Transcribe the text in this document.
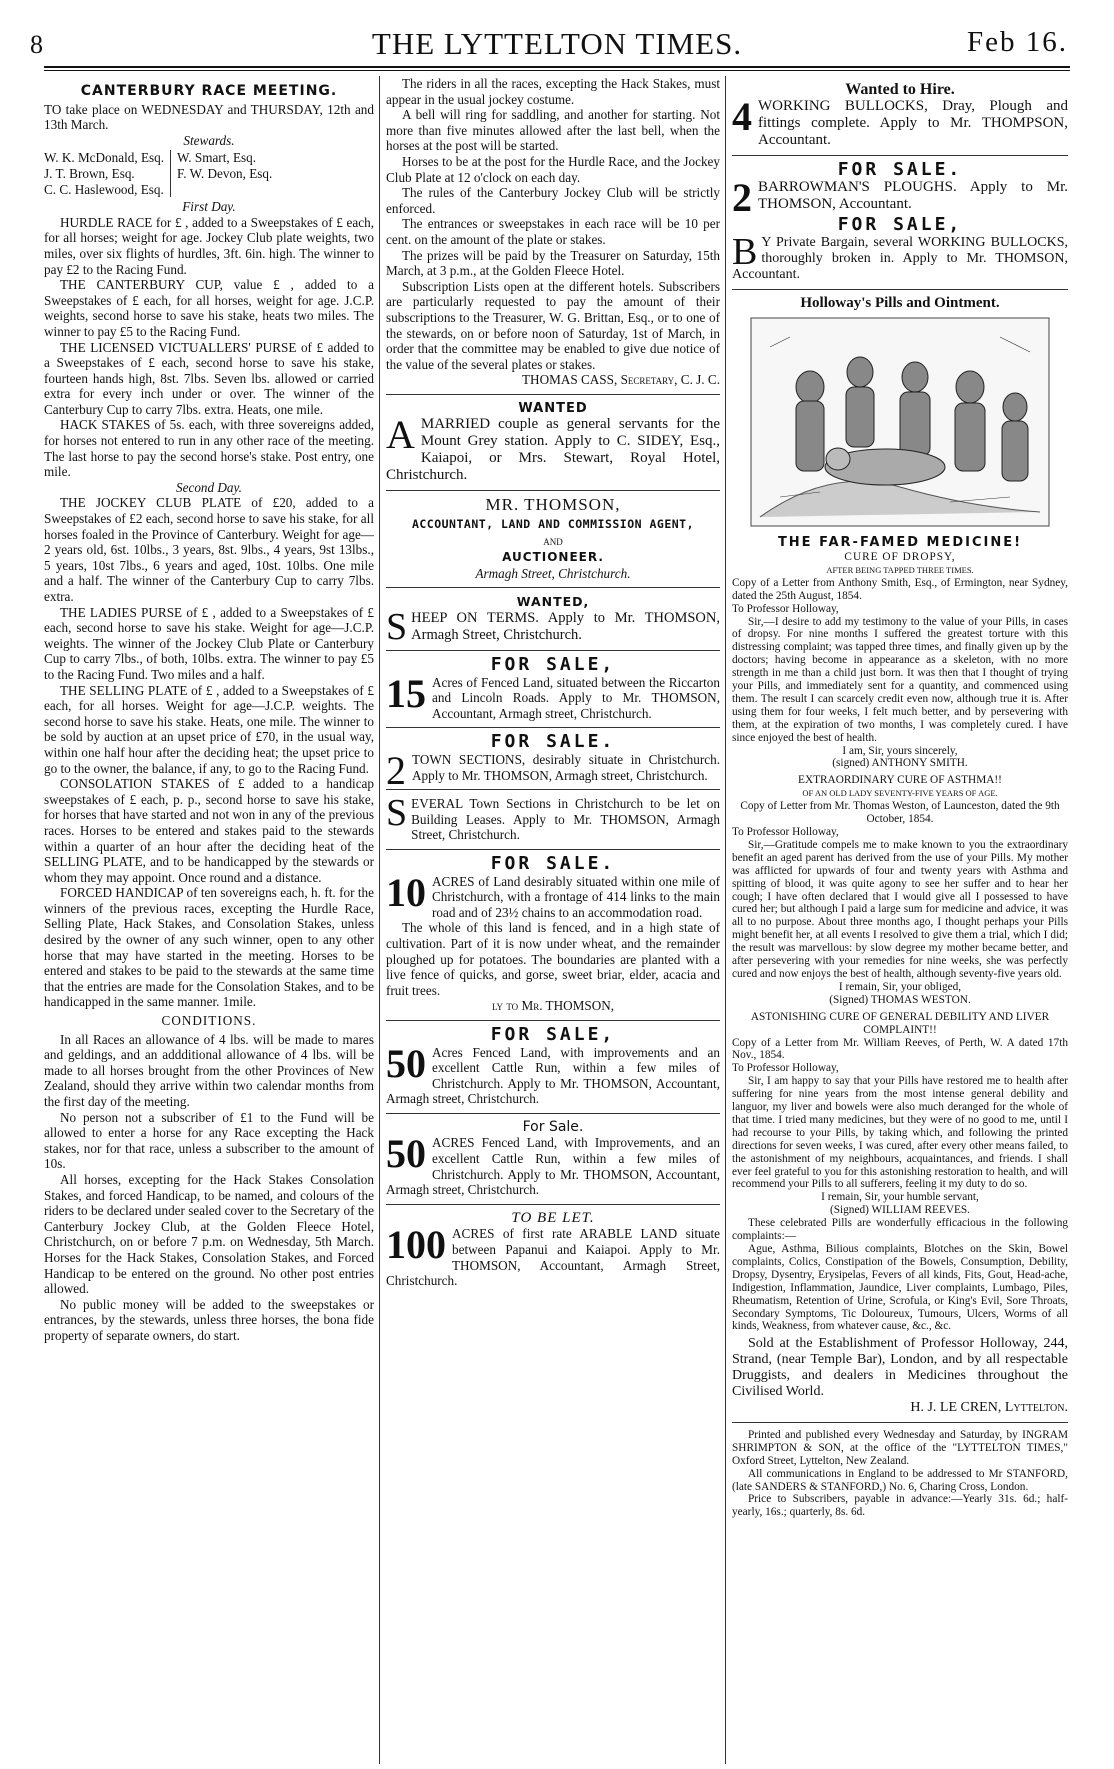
8	THE LYTTELTON TIMES.	Feb 16.

CANTERBURY RACE MEETING.

TO take place on WEDNESDAY and THURSDAY, 12th and 13th March.

Stewards.

W. K. McDonald, Esq.
J. T. Brown, Esq.
C. C. Haslewood, Esq.
W. Smart, Esq.
F. W. Devon, Esq.

First Day.

HURDLE RACE for £ , added to a Sweepstakes of £ each, for all horses; weight for age. Jockey Club plate weights, two miles, over six flights of hurdles, 3ft. 6in. high. The winner to pay £2 to the Racing Fund.

THE CANTERBURY CUP, value £ , added to a Sweepstakes of £ each, for all horses, weight for age. J.C.P. weights, second horse to save his stake, heats two miles. The winner to pay £5 to the Racing Fund.

THE LICENSED VICTUALLERS' PURSE of £ added to a Sweepstakes of £ each, second horse to save his stake, fourteen hands high, 8st. 7lbs. Seven lbs. allowed or carried extra for every inch under or over. The winner of the Canterbury Cup to carry 7lbs. extra. Heats, one mile.

HACK STAKES of 5s. each, with three sovereigns added, for horses not entered to run in any other race of the meeting. The last horse to pay the second horse's stake. Post entry, one mile.

Second Day.

THE JOCKEY CLUB PLATE of £20, added to a Sweepstakes of £2 each, second horse to save his stake, for all horses foaled in the Province of Canterbury. Weight for age—2 years old, 6st. 10lbs., 3 years, 8st. 9lbs., 4 years, 9st 13lbs., 5 years, 10st 7lbs., 6 years and aged, 10st. 10lbs. One mile and a half. The winner of the Canterbury Cup to carry 7lbs. extra.

THE LADIES PURSE of £ , added to a Sweepstakes of £ each, second horse to save his stake. Weight for age—J.C.P. weights. The winner of the Jockey Club Plate or Canterbury Cup to carry 7lbs., of both, 10lbs. extra. The winner to pay £5 to the Racing Fund. Two miles and a half.

THE SELLING PLATE of £ , added to a Sweepstakes of £ each, for all horses. Weight for age—J.C.P. weights. The second horse to save his stake. Heats, one mile. The winner to be sold by auction at an upset price of £70, in the usual way, within one half hour after the deciding heat; the upset price to go to the owner, the balance, if any, to go to the Racing Fund.

CONSOLATION STAKES of £ added to a handicap sweepstakes of £ each, p. p., second horse to save his stake, for horses that have started and not won in any of the previous races. Horses to be entered and stakes paid to the stewards within a quarter of an hour after the deciding heat of the SELLING PLATE, and to be handicapped by the stewards or whom they may appoint. Once round and a distance.

FORCED HANDICAP of ten sovereigns each, h. ft. for the winners of the previous races, excepting the Hurdle Race, Selling Plate, Hack Stakes, and Consolation Stakes, unless desired by the owner of any such winner, open to any other horse that may have started in the meeting. Horses to be entered and stakes to be paid to the stewards at the same time that the entries are made for the Consolation Stakes, and to be handicapped in the same manner. 1mile.

CONDITIONS.

In all Races an allowance of 4 lbs. will be made to mares and geldings, and an addditional allowance of 4 lbs. will be made to all horses brought from the other Provinces of New Zealand, should they arrive within two calendar months from the first day of the meeting.

No person not a subscriber of £1 to the Fund will be allowed to enter a horse for any Race excepting the Hack stakes, nor for that race, unless a subscriber to the amount of 10s.

All horses, excepting for the Hack Stakes Consolation Stakes, and forced Handicap, to be named, and colours of the riders to be declared under sealed cover to the Secretary of the Canterbury Jockey Club, at the Golden Fleece Hotel, Christchurch, on or before 7 p.m. on Wednesday, 5th March. Horses for the Hack Stakes, Consolation Stakes, and Forced Handicap to be entered on the ground. No other post entries allowed.

No public money will be added to the sweepstakes or entrances, by the stewards, unless three horses, the bona fide property of separate owners, do start.

The riders in all the races, excepting the Hack Stakes, must appear in the usual jockey costume.

A bell will ring for saddling, and another for starting. Not more than five minutes allowed after the last bell, when the horses at the post will be started.

Horses to be at the post for the Hurdle Race, and the Jockey Club Plate at 12 o'clock on each day.

The rules of the Canterbury Jockey Club will be strictly enforced.

The entrances or sweepstakes in each race will be 10 per cent. on the amount of the plate or stakes.

The prizes will be paid by the Treasurer on Saturday, 15th March, at 3 p.m., at the Golden Fleece Hotel.

Subscription Lists open at the different hotels. Subscribers are particularly requested to pay the amount of their subscriptions to the Treasurer, W. G. Brittan, Esq., or to one of the stewards, on or before noon of Saturday, 1st of March, in order that the committee may be enabled to give due notice of the value of the several plates or stakes.

THOMAS CASS, Secretary, C. J. C.

WANTED

AMARRIED couple as general servants for the Mount Grey station. Apply to C. SIDEY, Esq., Kaiapoi, or Mrs. Stewart, Royal Hotel, Christchurch.

MR. THOMSON,

ACCOUNTANT, LAND AND COMMISSION AGENT,

AND

AUCTIONEER.

Armagh Street, Christchurch.

WANTED,

SHEEP ON TERMS. Apply to Mr. THOMSON, Armagh Street, Christchurch.

FOR SALE,

15 Acres of Fenced Land, situated between the Riccarton and Lincoln Roads. Apply to Mr. THOMSON, Accountant, Armagh street, Christchurch.

FOR SALE.

2 TOWN SECTIONS, desirably situate in Christchurch. Apply to Mr. THOMSON, Armagh street, Christchurch.

SEVERAL Town Sections in Christchurch to be let on Building Leases. Apply to Mr. THOMSON, Armagh Street, Christchurch.

FOR SALE.

10 ACRES of Land desirably situated within one mile of Christchurch, with a frontage of 414 links to the main road and of 23½ chains to an accommodation road.

The whole of this land is fenced, and in a high state of cultivation. Part of it is now under wheat, and the remainder ploughed up for potatoes. The boundaries are planted with a live fence of quicks, and gorse, sweet briar, elder, acacia and fruit trees.

ly to Mr. THOMSON,

FOR SALE,

50 Acres Fenced Land, with improvements and an excellent Cattle Run, within a few miles of Christchurch. Apply to Mr. THOMSON, Accountant, Armagh street, Christchurch.

For Sale.

50 ACRES Fenced Land, with Improvements, and an excellent Cattle Run, within a few miles of Christchurch. Apply to Mr. THOMSON, Accountant, Armagh street, Christchurch.

TO BE LET.

100 ACRES of first rate ARABLE LAND situate between Papanui and Kaiapoi. Apply to Mr. THOMSON, Accountant, Armagh Street, Christchurch.

Wanted to Hire.

4 WORKING BULLOCKS, Dray, Plough and fittings complete. Apply to Mr. THOMPSON, Accountant.

FOR SALE.

2 BARROWMAN'S PLOUGHS. Apply to Mr. THOMSON, Accountant.

FOR SALE,

B Y Private Bargain, several WORKING BULLOCKS, thoroughly broken in. Apply to Mr. THOMSON, Accountant.

Holloway's Pills and Ointment.

THE FAR-FAMED MEDICINE!

CURE OF DROPSY,

AFTER BEING TAPPED THREE TIMES.

Copy of a Letter from Anthony Smith, Esq., of Ermington, near Sydney, dated the 25th August, 1854.

To Professor Holloway,

Sir,—I desire to add my testimony to the value of your Pills, in cases of dropsy. For nine months I suffered the greatest torture with this distressing complaint; was tapped three times, and finally given up by the doctors; having become in appearance as a skeleton, with no more strength in me than a child just born. It was then that I thought of trying your Pills, and immediately sent for a quantity, and commenced using them. The result I can scarcely credit even now, although true it is. After using them for four weeks, I felt much better, and by persevering with them, at the expiration of two months, I was completely cured. I have since enjoyed the best of health.

I am, Sir, yours sincerely,

(signed) ANTHONY SMITH.

EXTRAORDINARY CURE OF ASTHMA!!

OF AN OLD LADY SEVENTY-FIVE YEARS OF AGE.

Copy of Letter from Mr. Thomas Weston, of Launceston, dated the 9th October, 1854.

To Professor Holloway,

Sir,—Gratitude compels me to make known to you the extraordinary benefit an aged parent has derived from the use of your Pills. My mother was afflicted for upwards of four and twenty years with Asthma and spitting of blood, it was quite agony to see her suffer and to hear her cough; I have often declared that I would give all I possessed to have cured her; but although I paid a large sum for medicine and advice, it was all to no purpose. About three months ago, I thought perhaps your Pills might benefit her, at all events I resolved to give them a trial, which I did; the result was marvellous: by slow degree my mother became better, and after persevering with your remedies for nine weeks, she was perfectly cured and now enjoys the best of health, although seventy-five years old.

I remain, Sir, your obliged,

(Signed) THOMAS WESTON.

ASTONISHING CURE OF GENERAL DEBILITY AND LIVER COMPLAINT!!

Copy of a Letter from Mr. William Reeves, of Perth, W. A dated 17th Nov., 1854.

To Professor Holloway,

Sir, I am happy to say that your Pills have restored me to health after suffering for nine years from the most intense general debility and languor, my liver and bowels were also much deranged for the whole of that time. I tried many medicines, but they were of no good to me, until I had recourse to your Pills, by taking which, and following the printed directions for seven weeks, I was cured, after every other means failed, to the astonishment of my neighbours, acquaintances, and friends. I shall ever feel grateful to you for this astonishing restoration to health, and will recommend your Pills to all sufferers, feeling it my duty to do so.

I remain, Sir, your humble servant,

(Signed) WILLIAM REEVES.

These celebrated Pills are wonderfully efficacious in the following complaints:—

Ague, Asthma, Bilious complaints, Blotches on the Skin, Bowel complaints, Colics, Constipation of the Bowels, Consumption, Debility, Dropsy, Dysentry, Erysipelas, Fevers of all kinds, Fits, Gout, Head-ache, Indigestion, Inflammation, Jaundice, Liver complaints, Lumbago, Piles, Rheumatism, Retention of Urine, Scrofula, or King's Evil, Sore Throats, Secondary Symptoms, Tic Doloureux, Tumours, Ulcers, Worms of all kinds, Weakness, from whatever cause, &c., &c.

Sold at the Establishment of Professor Holloway, 244, Strand, (near Temple Bar), London, and by all respectable Druggists, and dealers in Medicines throughout the Civilised World.

H. J. LE CREN, Lyttelton.

Printed and published every Wednesday and Saturday, by INGRAM SHRIMPTON & SON, at the office of the "LYTTELTON TIMES," Oxford Street, Lyttelton, New Zealand.

All communications in England to be addressed to Mr STANFORD, (late SANDERS & STANFORD,) No. 6, Charing Cross, London.

Price to Subscribers, payable in advance:—Yearly 31s. 6d.; half-yearly, 16s.; quarterly, 8s. 6d.
